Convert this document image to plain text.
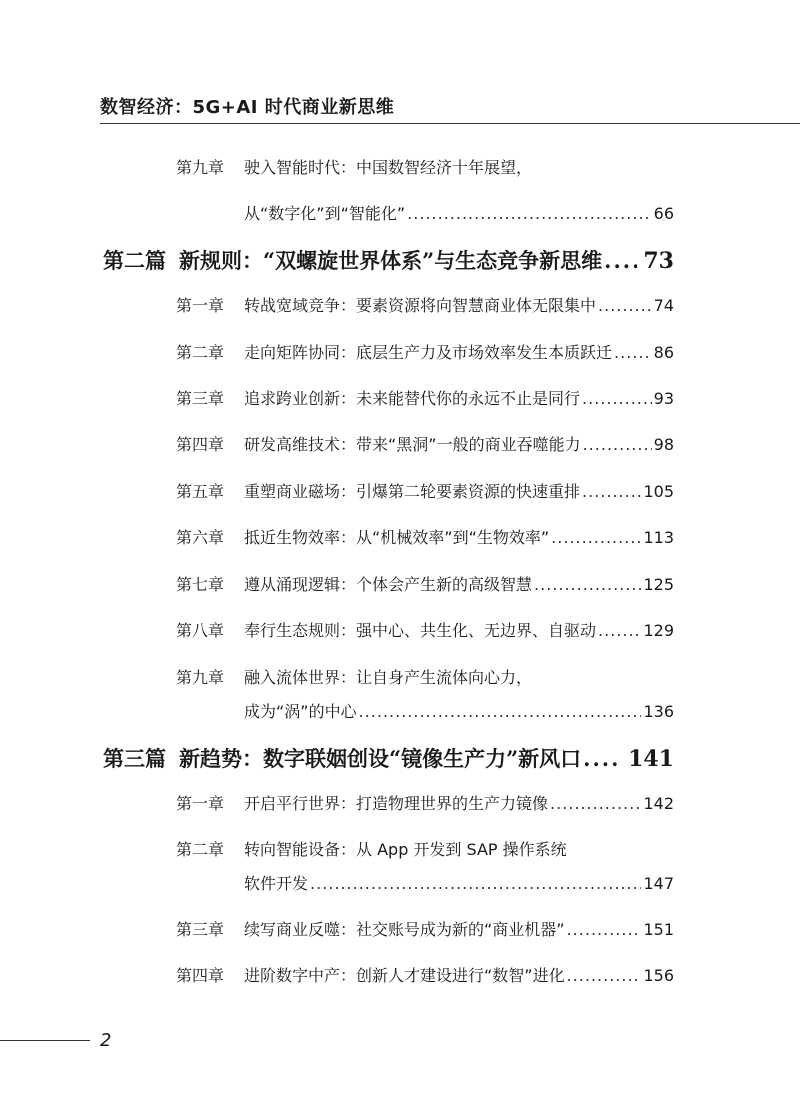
数智经济：5G+AI 时代商业新思维
第九章	驶入智能时代：中国数智经济十年展望，
从“数字化”到“智能化” .....	66
第二篇 新规则：“双螺旋世界体系”与生态竞争新思维 ..... 73
第一章	转战宽域竞争：要素资源将向智慧商业体无限集中 .....	74
第二章	走向矩阵协同：底层生产力及市场效率发生本质跃迁 .....	86
第三章	追求跨业创新：未来能替代你的永远不止是同行 .....	93
第四章	研发高维技术：带来“黑洞”一般的商业吞噬能力 .....	98
第五章	重塑商业磁场：引爆第二轮要素资源的快速重排 .....	105
第六章	抵近生物效率：从“机械效率”到“生物效率” .....	113
第七章	遵从涌现逻辑：个体会产生新的高级智慧 .....	125
第八章	奉行生态规则：强中心、共生化、无边界、自驱动 .....	129
第九章	融入流体世界：让自身产生流体向心力，
成为“涡”的中心 .....	136
第三篇 新趋势：数字联姻创设“镜像生产力”新风口 ..... 141
第一章	开启平行世界：打造物理世界的生产力镜像 .....	142
第二章	转向智能设备：从 App 开发到 SAP 操作系统
软件开发 .....	147
第三章	续写商业反噬：社交账号成为新的“商业机器” .....	151
第四章	进阶数字中产：创新人才建设进行“数智”进化 .....	156
2
